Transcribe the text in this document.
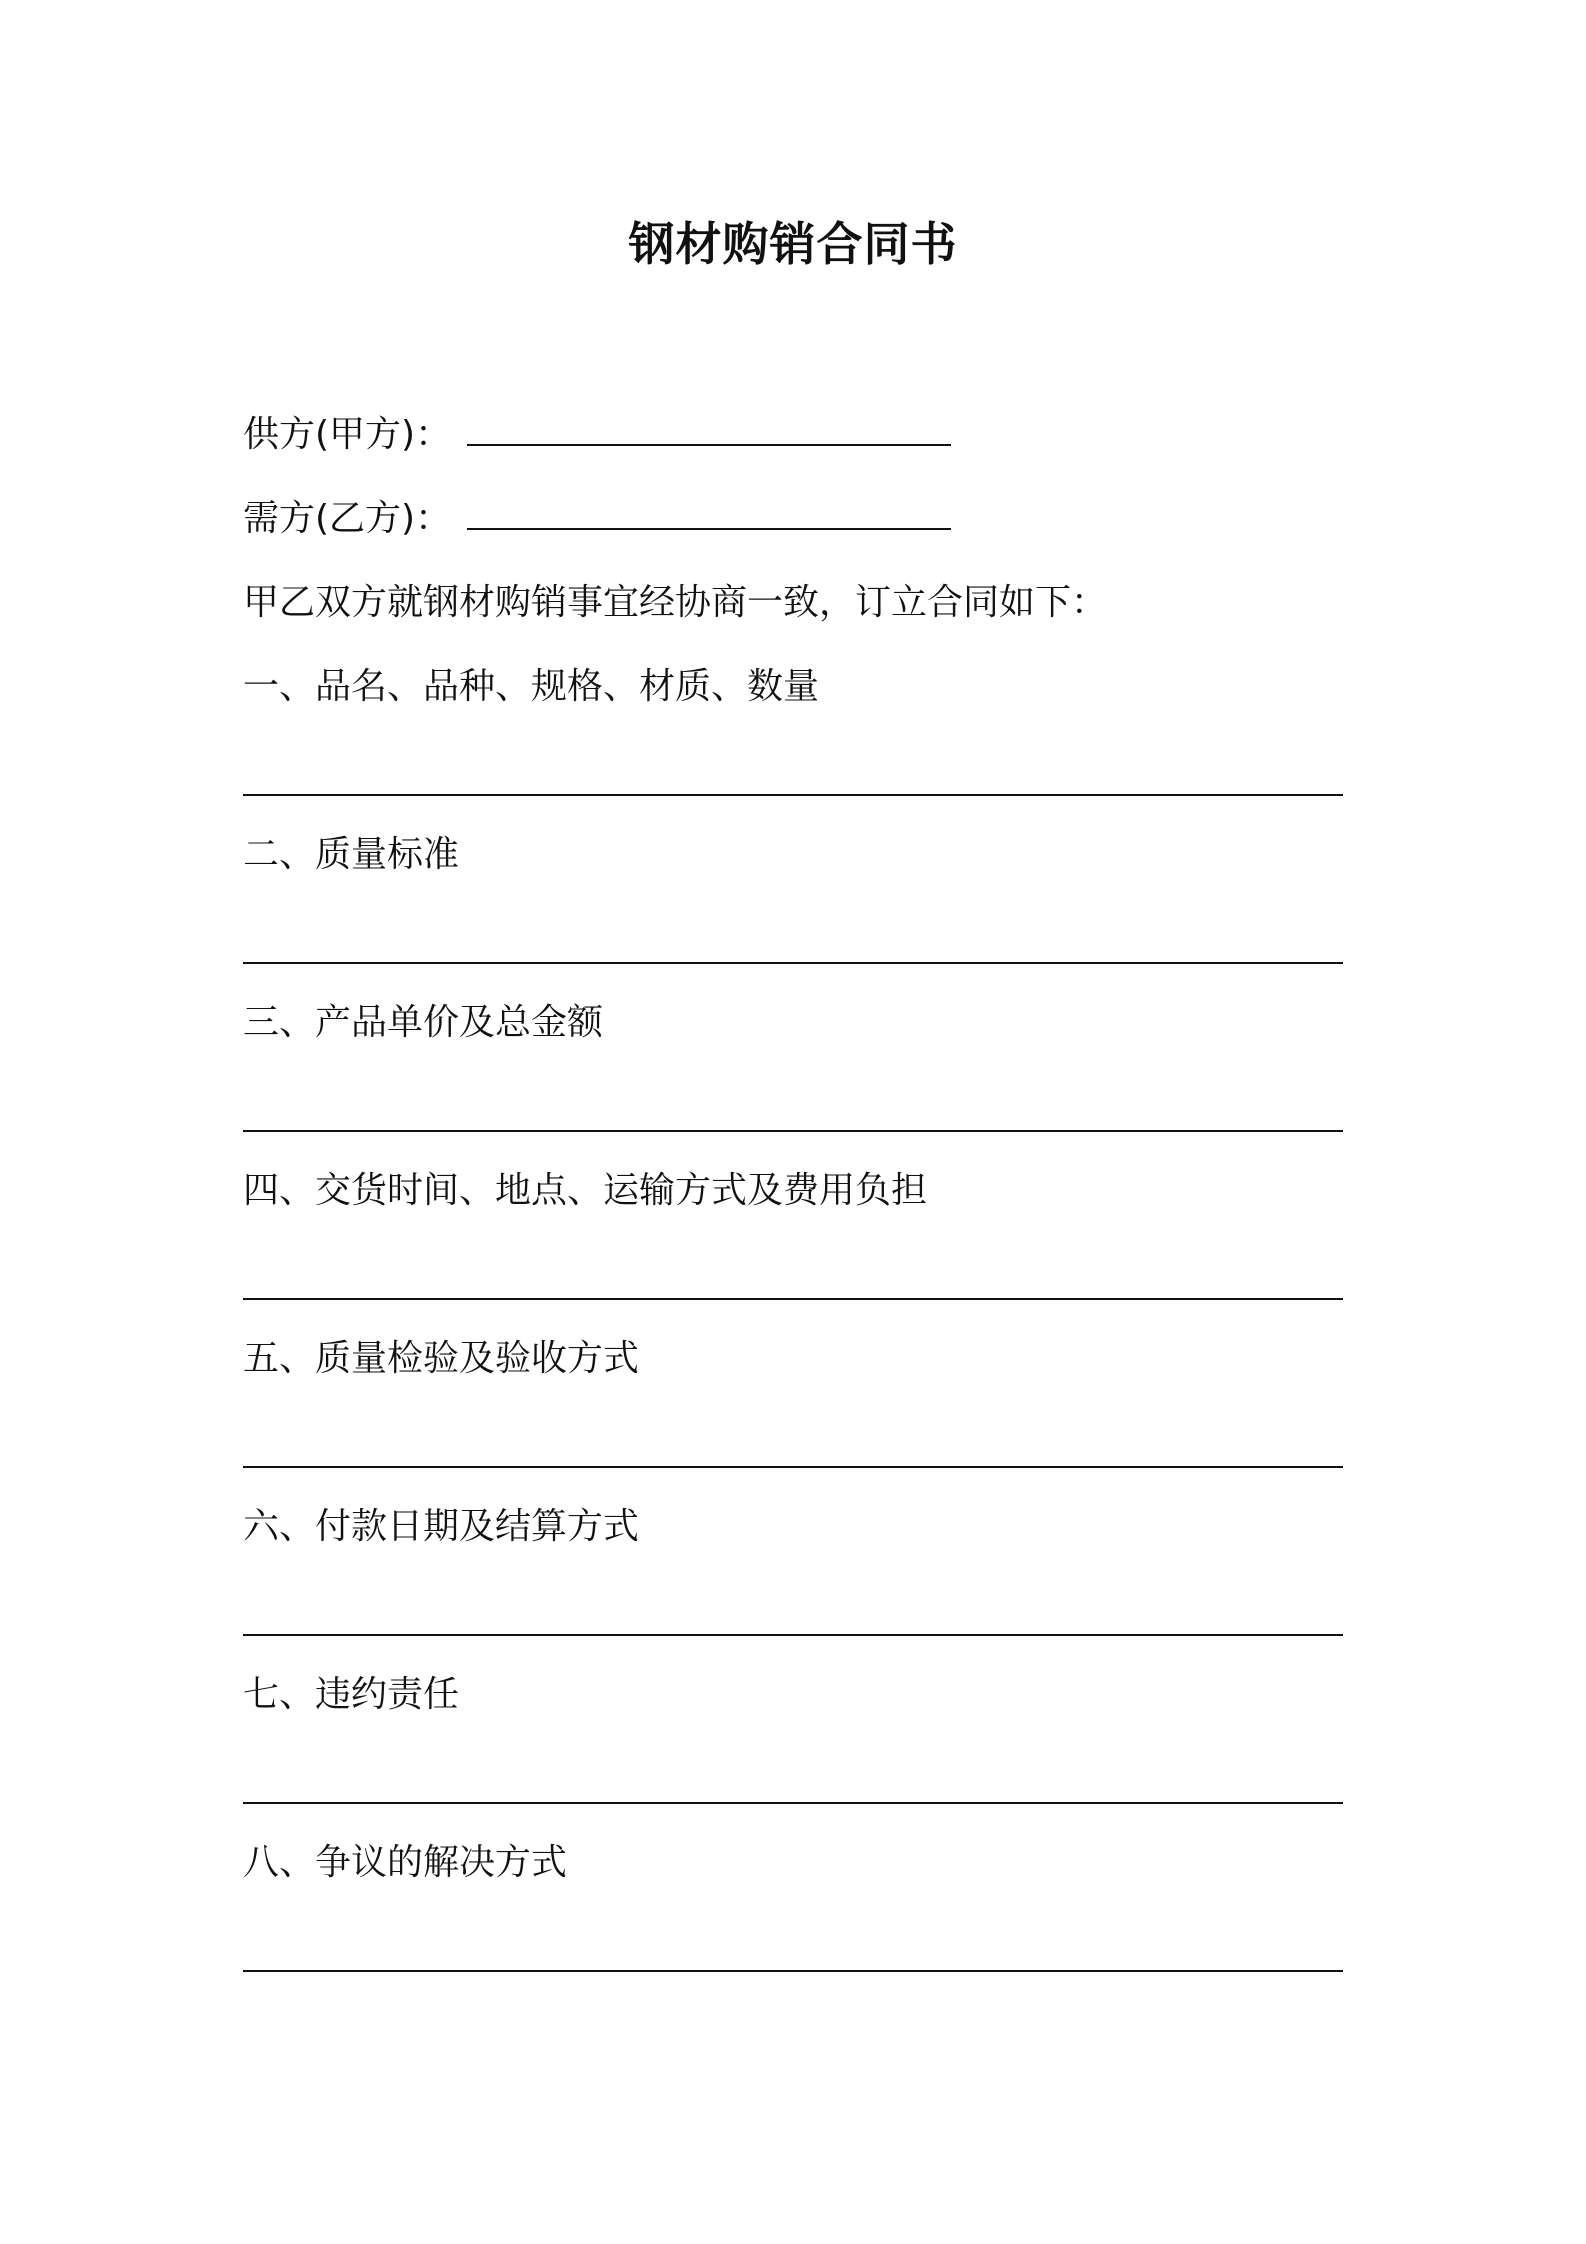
钢材购销合同书
供方(甲方)：
需方(乙方)：
甲乙双方就钢材购销事宜经协商一致，订立合同如下：
一、品名、品种、规格、材质、数量
二、质量标准
三、产品单价及总金额
四、交货时间、地点、运输方式及费用负担
五、质量检验及验收方式
六、付款日期及结算方式
七、违约责任
八、争议的解决方式
